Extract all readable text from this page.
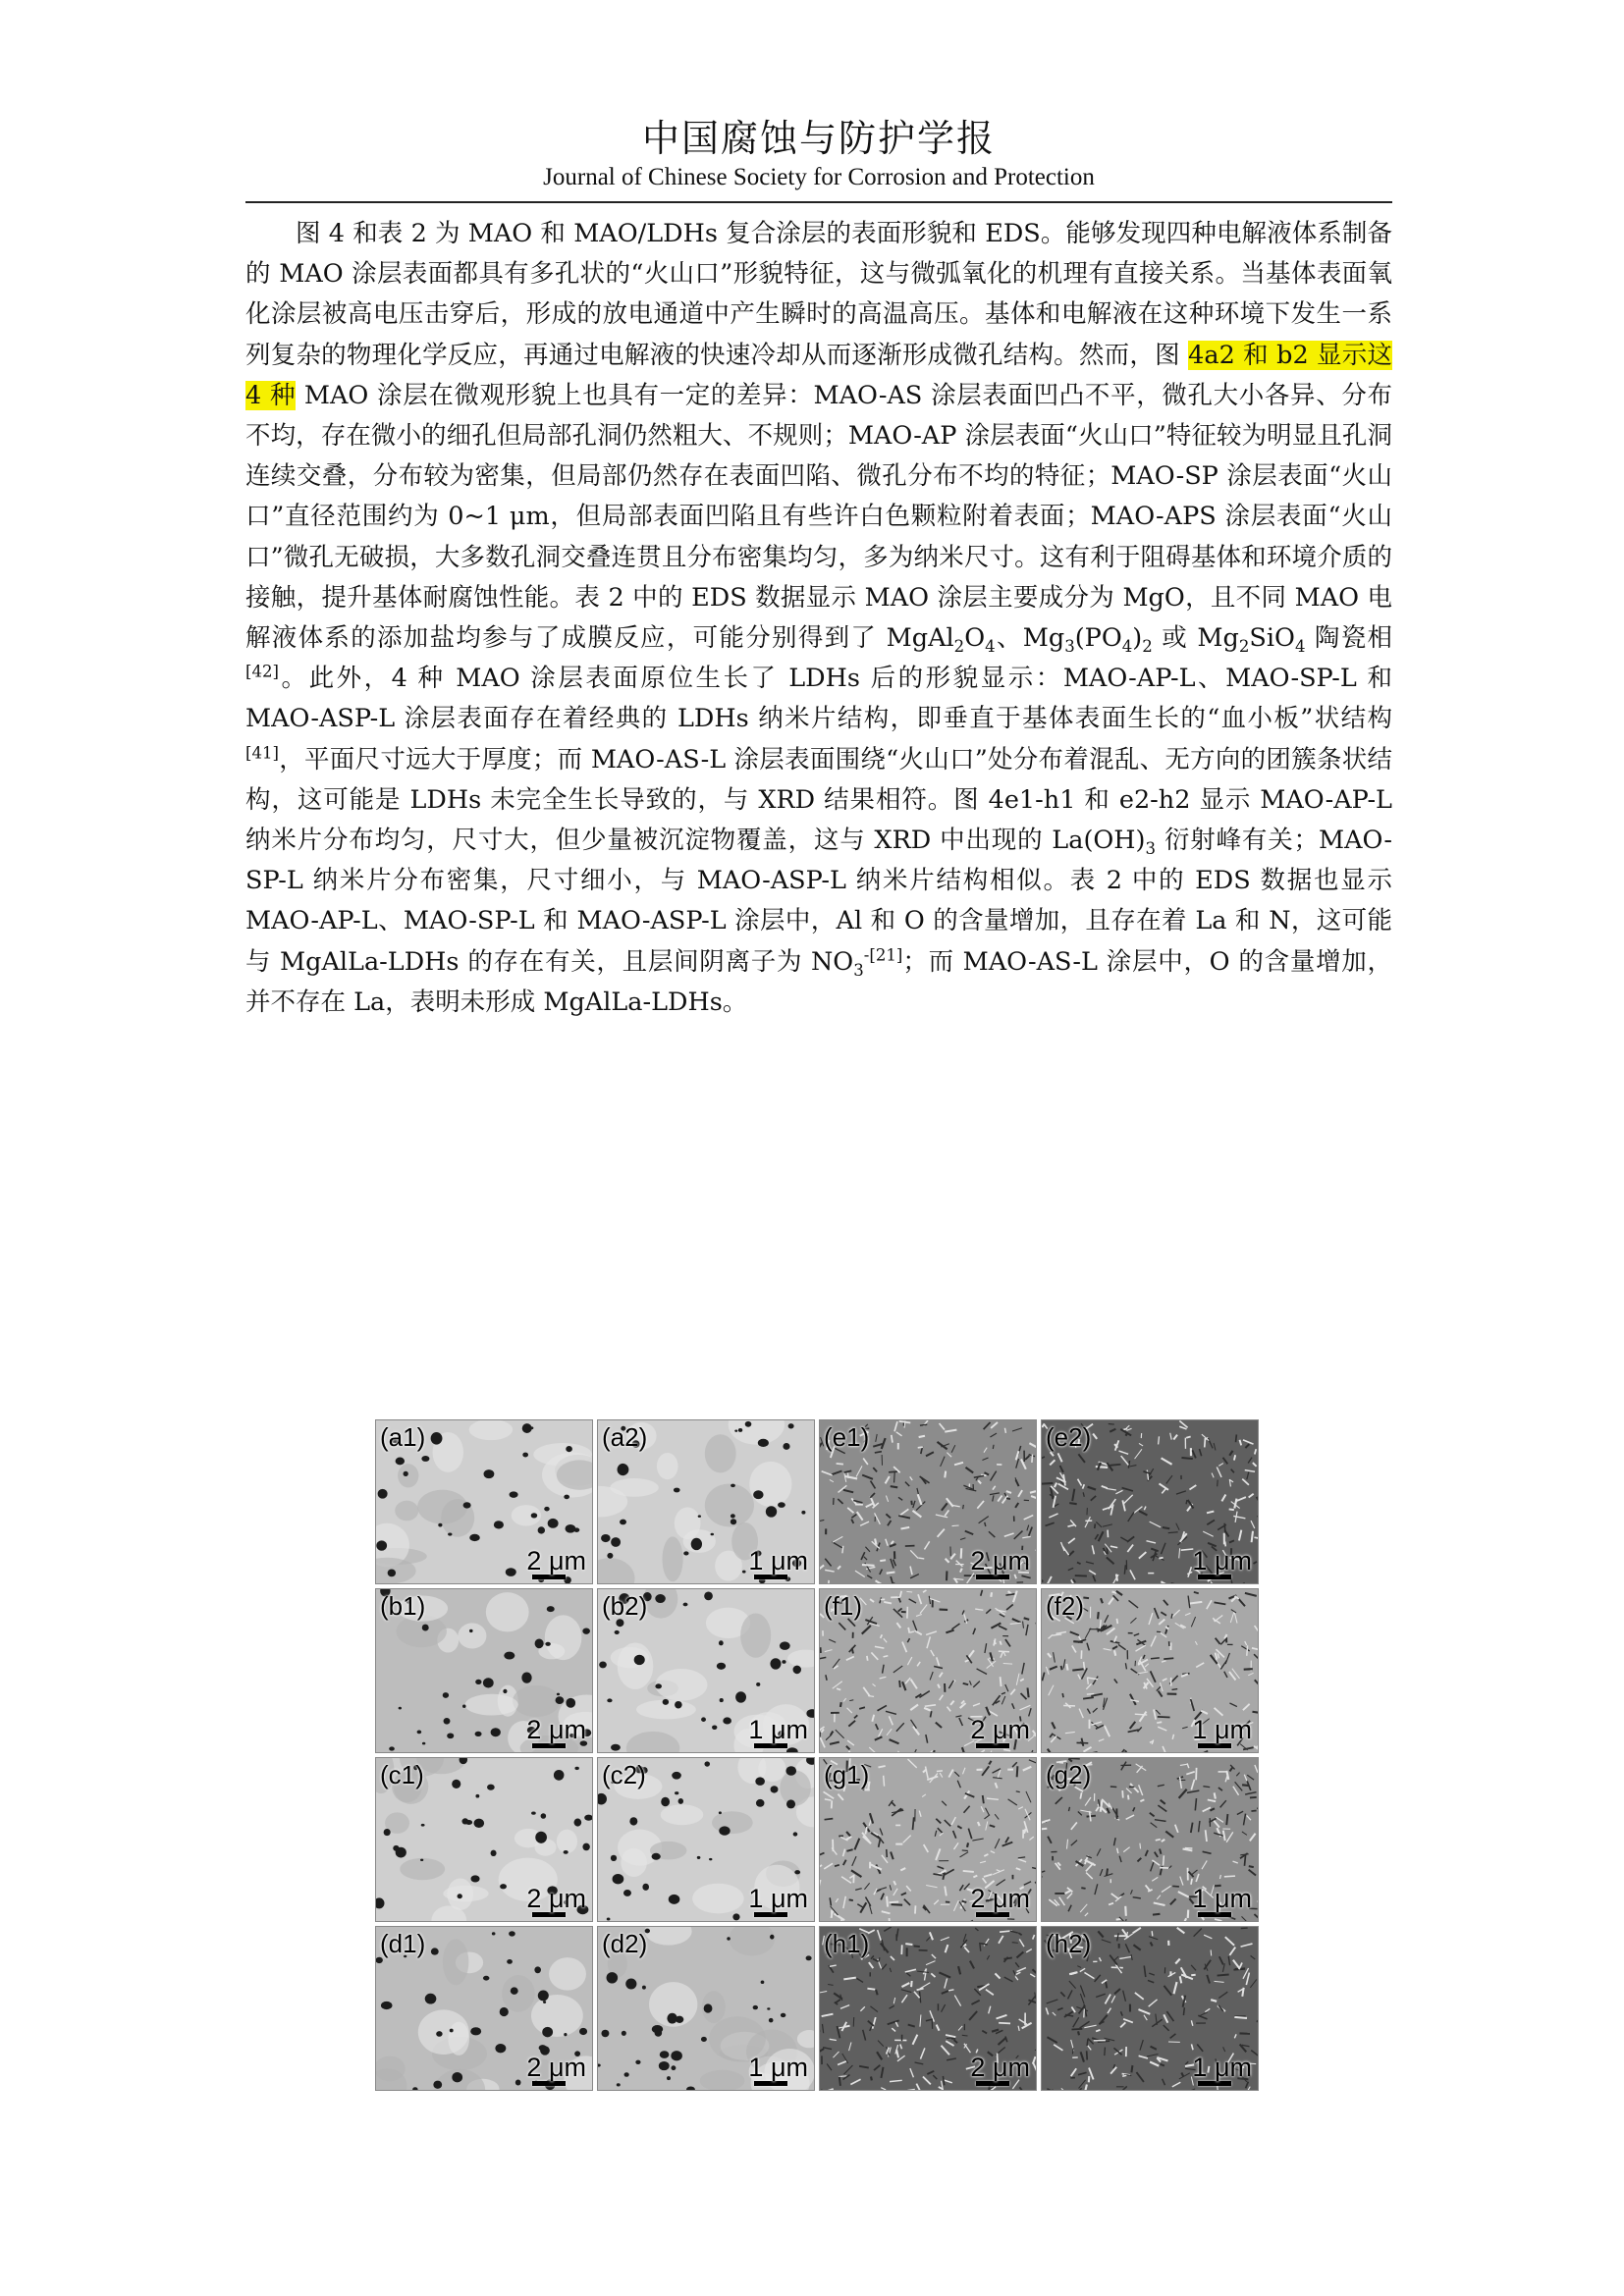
中国腐蚀与防护学报
Journal of Chinese Society for Corrosion and Protection

图 4 和表 2 为 MAO 和 MAO/LDHs 复合涂层的表面形貌和 EDS。能够发现四种电解液体系制备的 MAO 涂层表面都具有多孔状的“火山口”形貌特征，这与微弧氧化的机理有直接关系。当基体表面氧化涂层被高电压击穿后，形成的放电通道中产生瞬时的高温高压。基体和电解液在这种环境下发生一系列复杂的物理化学反应，再通过电解液的快速冷却从而逐渐形成微孔结构。然而，图 4a2 和 b2 显示这 4 种 MAO 涂层在微观形貌上也具有一定的差异：MAO-AS 涂层表面凹凸不平，微孔大小各异、分布不均，存在微小的细孔但局部孔洞仍然粗大、不规则；MAO-AP 涂层表面“火山口”特征较为明显且孔洞连续交叠，分布较为密集，但局部仍然存在表面凹陷、微孔分布不均的特征；MAO-SP 涂层表面“火山口”直径范围约为 0~1 μm，但局部表面凹陷且有些许白色颗粒附着表面；MAO-APS 涂层表面“火山口”微孔无破损，大多数孔洞交叠连贯且分布密集均匀，多为纳米尺寸。这有利于阻碍基体和环境介质的接触，提升基体耐腐蚀性能。表 2 中的 EDS 数据显示 MAO 涂层主要成分为 MgO，且不同 MAO 电解液体系的添加盐均参与了成膜反应，可能分别得到了 $MgAl_2O_4$、$Mg_3(PO_4)_2$ 或 $Mg_2SiO_4$ 陶瓷相[42]。此外，4 种 MAO 涂层表面原位生长了 LDHs 后的形貌显示：MAO-AP-L、MAO-SP-L 和 MAO-ASP-L 涂层表面存在着经典的 LDHs 纳米片结构，即垂直于基体表面生长的“血小板”状结构[41]，平面尺寸远大于厚度；而 MAO-AS-L 涂层表面围绕“火山口”处分布着混乱、无方向的团簇条状结构，这可能是 LDHs 未完全生长导致的，与 XRD 结果相符。图 4e1-h1 和 e2-h2 显示 MAO-AP-L 纳米片分布均匀，尺寸大，但少量被沉淀物覆盖，这与 XRD 中出现的 $La(OH)_3$ 衍射峰有关；MAO-SP-L 纳米片分布密集，尺寸细小，与 MAO-ASP-L 纳米片结构相似。表 2 中的 EDS 数据也显示 MAO-AP-L、MAO-SP-L 和 MAO-ASP-L 涂层中，Al 和 O 的含量增加，且存在着 La 和 N，这可能与 MgAlLa-LDHs 的存在有关，且层间阴离子为 $NO_3^{-[21]}$；而 MAO-AS-L 涂层中，O 的含量增加，并不存在 La，表明未形成 MgAlLa-LDHs。

(a1)
2 μm
(a2)
1 μm
(e1)
2 μm
(e2)
1 μm
(b1)
2 μm
(b2)
1 μm
(f1)
2 μm
(f2)
1 μm
(c1)
2 μm
(c2)
1 μm
(g1)
2 μm
(g2)
1 μm
(d1)
2 μm
(d2)
1 μm
(h1)
2 μm
(h2)
1 μm
